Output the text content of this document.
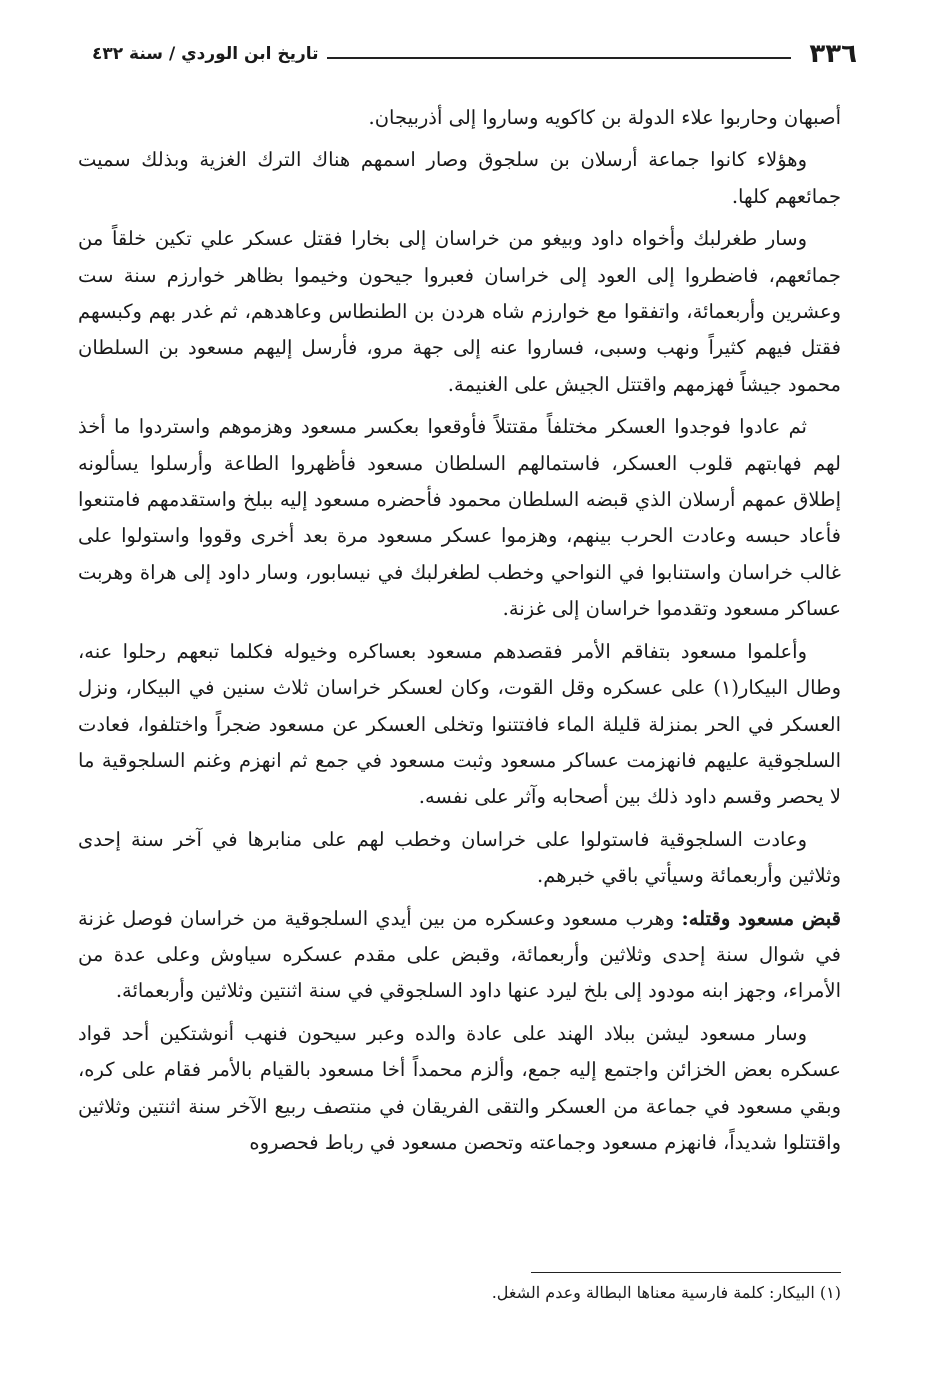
٣٣٦
تاريخ ابن الوردي / سنة ٤٣٢

أصبهان وحاربوا علاء الدولة بن كاكويه وساروا إلى أذربيجان.

وهؤلاء كانوا جماعة أرسلان بن سلجوق وصار اسمهم هناك الترك الغزية وبذلك سميت جمائعهم كلها.

وسار طغرلبك وأخواه داود وبيغو من خراسان إلى بخارا فقتل عسكر علي تكين خلقاً من جمائعهم، فاضطروا إلى العود إلى خراسان فعبروا جيحون وخيموا بظاهر خوارزم سنة ست وعشرين وأربعمائة، واتفقوا مع خوارزم شاه هردن بن الطنطاس وعاهدهم، ثم غدر بهم وكبسهم فقتل فيهم كثيراً ونهب وسبى، فساروا عنه إلى جهة مرو، فأرسل إليهم مسعود بن السلطان محمود جيشاً فهزمهم واقتتل الجيش على الغنيمة.

ثم عادوا فوجدوا العسكر مختلفاً مقتتلاً فأوقعوا بعكسر مسعود وهزموهم واستردوا ما أخذ لهم فهابتهم قلوب العسكر، فاستمالهم السلطان مسعود فأظهروا الطاعة وأرسلوا يسألونه إطلاق عمهم أرسلان الذي قبضه السلطان محمود فأحضره مسعود إليه ببلخ واستقدمهم فامتنعوا فأعاد حبسه وعادت الحرب بينهم، وهزموا عسكر مسعود مرة بعد أخرى وقووا واستولوا على غالب خراسان واستنابوا في النواحي وخطب لطغرلبك في نيسابور، وسار داود إلى هراة وهربت عساكر مسعود وتقدموا خراسان إلى غزنة.

وأعلموا مسعود بتفاقم الأمر فقصدهم مسعود بعساكره وخيوله فكلما تبعهم رحلوا عنه، وطال البيكار(١) على عسكره وقل القوت، وكان لعسكر خراسان ثلاث سنين في البيكار، ونزل العسكر في الحر بمنزلة قليلة الماء فافتتنوا وتخلى العسكر عن مسعود ضجراً واختلفوا، فعادت السلجوقية عليهم فانهزمت عساكر مسعود وثبت مسعود في جمع ثم انهزم وغنم السلجوقية ما لا يحصر وقسم داود ذلك بين أصحابه وآثر على نفسه.

وعادت السلجوقية فاستولوا على خراسان وخطب لهم على منابرها في آخر سنة إحدى وثلاثين وأربعمائة وسيأتي باقي خبرهم.

قبض مسعود وقتله: وهرب مسعود وعسكره من بين أيدي السلجوقية من خراسان فوصل غزنة في شوال سنة إحدى وثلاثين وأربعمائة، وقبض على مقدم عسكره سياوش وعلى عدة من الأمراء، وجهز ابنه مودود إلى بلخ ليرد عنها داود السلجوقي في سنة اثنتين وثلاثين وأربعمائة.

وسار مسعود ليشن ببلاد الهند على عادة والده وعبر سيحون فنهب أنوشتكين أحد قواد عسكره بعض الخزائن واجتمع إليه جمع، وألزم محمداً أخا مسعود بالقيام بالأمر فقام على كره، وبقي مسعود في جماعة من العسكر والتقى الفريقان في منتصف ربيع الآخر سنة اثنتين وثلاثين واقتتلوا شديداً، فانهزم مسعود وجماعته وتحصن مسعود في رباط فحصروه

(١) البيكار: كلمة فارسية معناها البطالة وعدم الشغل.
